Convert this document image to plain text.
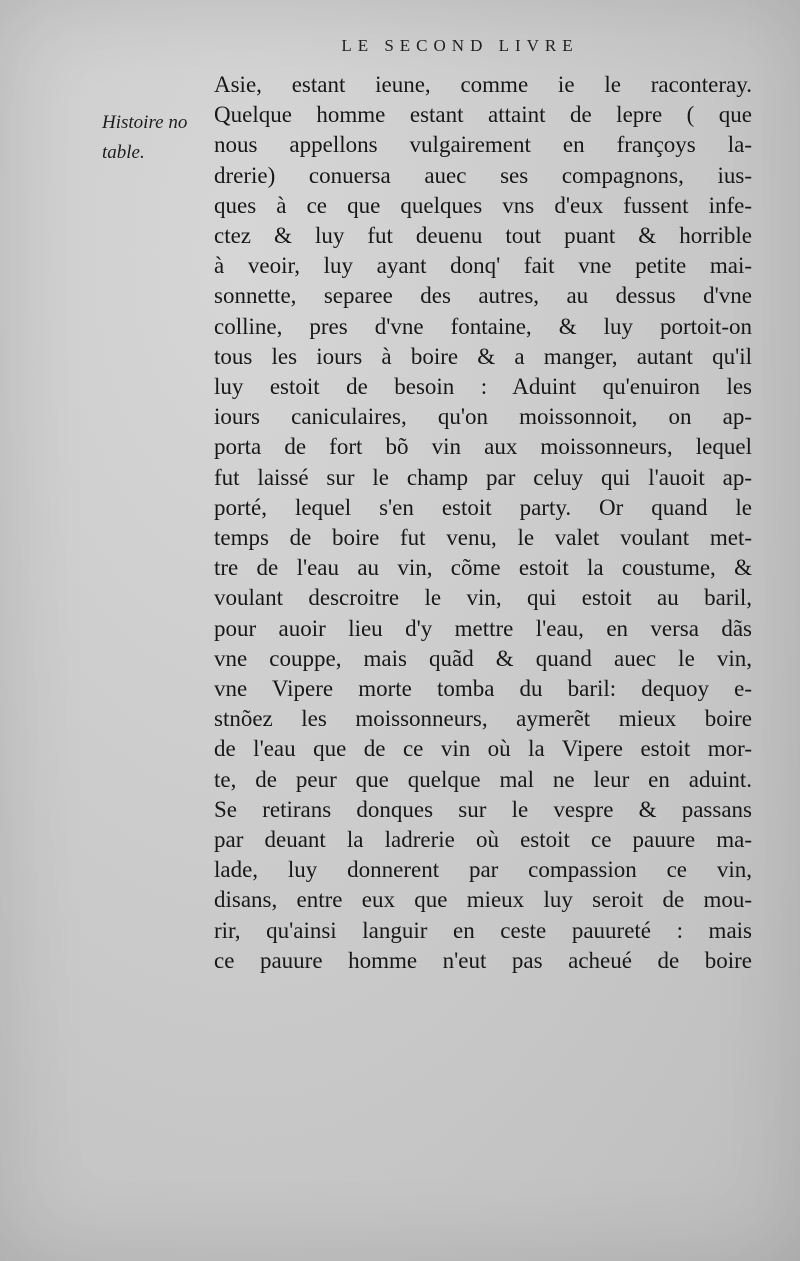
LE SECOND LIVRE
Histoire no
table.
Asie, estant ieune, comme ie le raconteray.
Quelque homme estant attaint de lepre ( que
nous appellons vulgairement en françoys la-
drerie) conuersa auec ses compagnons, ius-
ques à ce que quelques vns d'eux fussent infe-
ctez & luy fut deuenu tout puant & horrible
à veoir, luy ayant donq' fait vne petite mai-
sonnette, separee des autres, au dessus d'vne
colline, pres d'vne fontaine, & luy portoit-on
tous les iours à boire & a manger, autant qu'il
luy estoit de besoin : Aduint qu'enuiron les
iours caniculaires, qu'on moissonnoit, on ap-
porta de fort bõ vin aux moissonneurs, lequel
fut laissé sur le champ par celuy qui l'auoit ap-
porté, lequel s'en estoit party. Or quand le
temps de boire fut venu, le valet voulant met-
tre de l'eau au vin, cõme estoit la coustume, &
voulant descroitre le vin, qui estoit au baril,
pour auoir lieu d'y mettre l'eau, en versa dãs
vne couppe, mais quãd & quand auec le vin,
vne Vipere morte tomba du baril: dequoy e-
stnõez les moissonneurs, aymerẽt mieux boire
de l'eau que de ce vin où la Vipere estoit mor-
te, de peur que quelque mal ne leur en aduint.
Se retirans donques sur le vespre & passans
par deuant la ladrerie où estoit ce pauure ma-
lade, luy donnerent par compassion ce vin,
disans, entre eux que mieux luy seroit de mou-
rir, qu'ainsi languir en ceste pauureté : mais
ce pauure homme n'eut pas acheué de boire
